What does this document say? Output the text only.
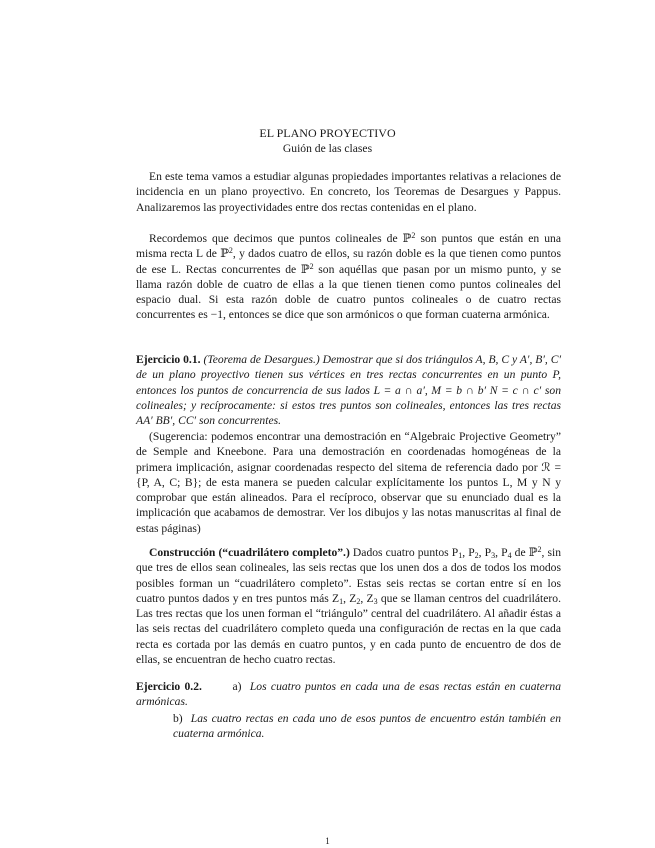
EL PLANO PROYECTIVO
Guión de las clases

En este tema vamos a estudiar algunas propiedades importantes relativas a relaciones de incidencia en un plano proyectivo. En concreto, los Teoremas de Desargues y Pappus. Analizaremos las proyectividades entre dos rectas contenidas en el plano.

Recordemos que decimos que puntos colineales de ℙ$^2$ son puntos que están en una misma recta L de ℙ$^2$, y dados cuatro de ellos, su razón doble es la que tienen como puntos de ese L. Rectas concurrentes de ℙ$^2$ son aquéllas que pasan por un mismo punto, y se llama razón doble de cuatro de ellas a la que tienen tienen como puntos colineales del espacio dual. Si esta razón doble de cuatro puntos colineales o de cuatro rectas concurrentes es −1, entonces se dice que son armónicos o que forman cuaterna armónica.

Ejercicio 0.1. (Teorema de Desargues.) Demostrar que si dos triángulos A, B, C y A′, B′, C′ de un plano proyectivo tienen sus vértices en tres rectas concurrentes en un punto P, entonces los puntos de concurrencia de sus lados L = a ∩ a′, M = b ∩ b′ N = c ∩ c′ son colineales; y recíprocamente: si estos tres puntos son colineales, entonces las tres rectas AA′ BB′, CC′ son concurrentes.

(Sugerencia: podemos encontrar una demostración en “Algebraic Projective Geometry” de Semple and Kneebone. Para una demostración en coordenadas homogéneas de la primera implicación, asignar coordenadas respecto del sitema de referencia dado por ℛ = {P, A, C; B}; de esta manera se pueden calcular explícitamente los puntos L, M y N y comprobar que están alineados. Para el recíproco, observar que su enunciado dual es la implicación que acabamos de demostrar. Ver los dibujos y las notas manuscritas al final de estas páginas)

Construcción (“cuadrilátero completo”.) Dados cuatro puntos $P_1$, $P_2$, $P_3$, $P_4$ de ℙ$^2$, sin que tres de ellos sean colineales, las seis rectas que los unen dos a dos de todos los modos posibles forman un “cuadrilátero completo”. Estas seis rectas se cortan entre sí en los cuatro puntos dados y en tres puntos más $Z_1$, $Z_2$, $Z_3$ que se llaman centros del cuadrilátero. Las tres rectas que los unen forman el “triángulo” central del cuadrilátero. Al añadir éstas a las seis rectas del cuadrilátero completo queda una configuración de rectas en la que cada recta es cortada por las demás en cuatro puntos, y en cada punto de encuentro de dos de ellas, se encuentran de hecho cuatro rectas.

Ejercicio 0.2.	a) Los cuatro puntos en cada una de esas rectas están en cuaterna armónicas.
b) Las cuatro rectas en cada uno de esos puntos de encuentro están también en cuaterna armónica.
1
